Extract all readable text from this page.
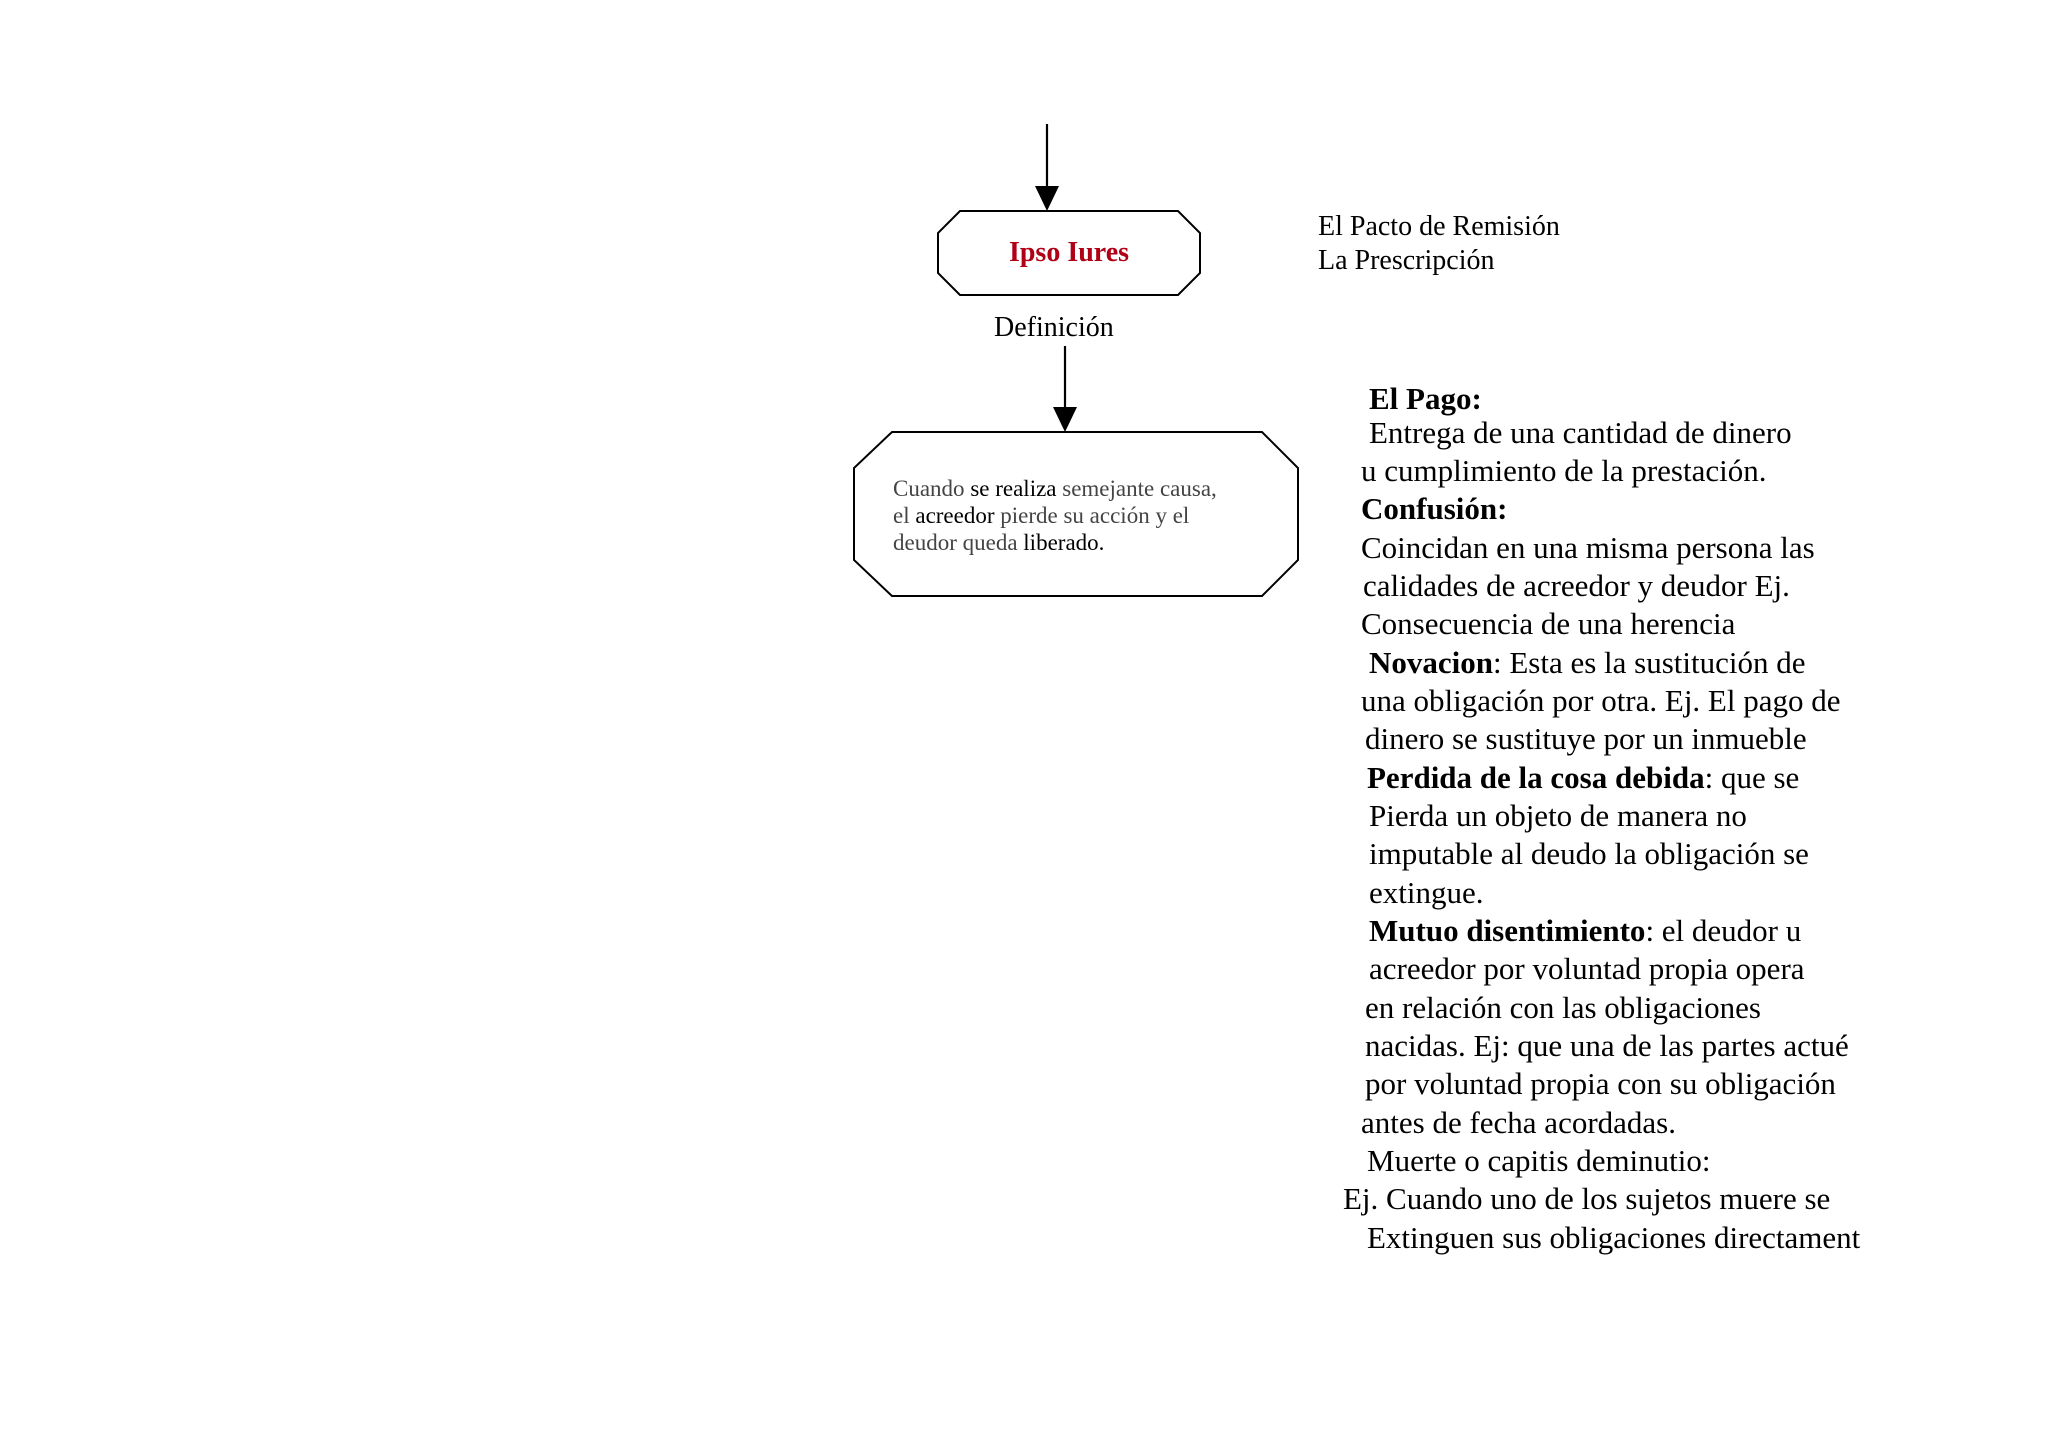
Ipso Iures
Definición
Cuando se realiza semejante causa,
el acreedor pierde su acción y el
deudor queda liberado.
El Pacto de Remisión
La Prescripción
El Pago:
Entrega de una cantidad de dinero
u cumplimiento de la prestación.
Confusión:
Coincidan en una misma persona las
calidades de acreedor y deudor Ej.
Consecuencia de una herencia
Novacion: Esta es la sustitución de
una obligación por otra. Ej. El pago de
dinero se sustituye por un inmueble
Perdida de la cosa debida: que se
Pierda un objeto de manera no
imputable al deudo la obligación se
extingue.
Mutuo disentimiento: el deudor u
acreedor por voluntad propia opera
en relación con las obligaciones
nacidas. Ej: que una de las partes actué
por voluntad propia con su obligación
antes de fecha acordadas.
Muerte o capitis deminutio:
Ej. Cuando uno de los sujetos muere se
Extinguen sus obligaciones directament
